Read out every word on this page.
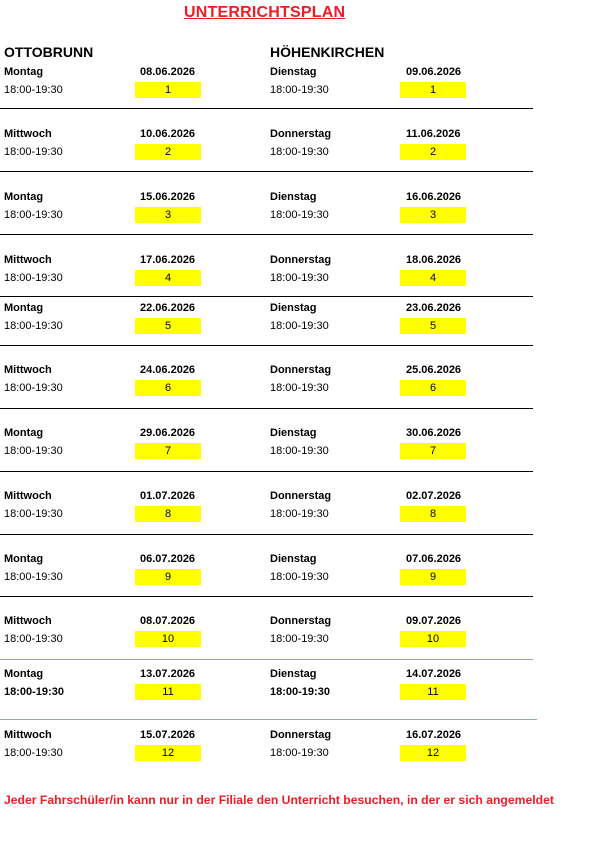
UNTERRICHTSPLAN
OTTOBRUNN	HÖHENKIRCHEN
Montag
18:00-19:30
08.06.2026
1
Dienstag
18:00-19:30
09.06.2026
1
Mittwoch
18:00-19:30
10.06.2026
2
Donnerstag
18:00-19:30
11.06.2026
2
Montag
18:00-19:30
15.06.2026
3
Dienstag
18:00-19:30
16.06.2026
3
Mittwoch
18:00-19:30
17.06.2026
4
Donnerstag
18:00-19:30
18.06.2026
4
Montag
18:00-19:30
22.06.2026
5
Dienstag
18:00-19:30
23.06.2026
5
Mittwoch
18:00-19:30
24.06.2026
6
Donnerstag
18:00-19:30
25.06.2026
6
Montag
18:00-19:30
29.06.2026
7
Dienstag
18:00-19:30
30.06.2026
7
Mittwoch
18:00-19:30
01.07.2026
8
Donnerstag
18:00-19:30
02.07.2026
8
Montag
18:00-19:30
06.07.2026
9
Dienstag
18:00-19:30
07.06.2026
9
Mittwoch
18:00-19:30
08.07.2026
10
Donnerstag
18:00-19:30
09.07.2026
10
Montag
18:00-19:30
13.07.2026
11
Dienstag
18:00-19:30
14.07.2026
11
Mittwoch
18:00-19:30
15.07.2026
12
Donnerstag
18:00-19:30
16.07.2026
12
Jeder Fahrschüler/in kann nur in der Filiale den Unterricht besuchen, in der er sich angemeldet
